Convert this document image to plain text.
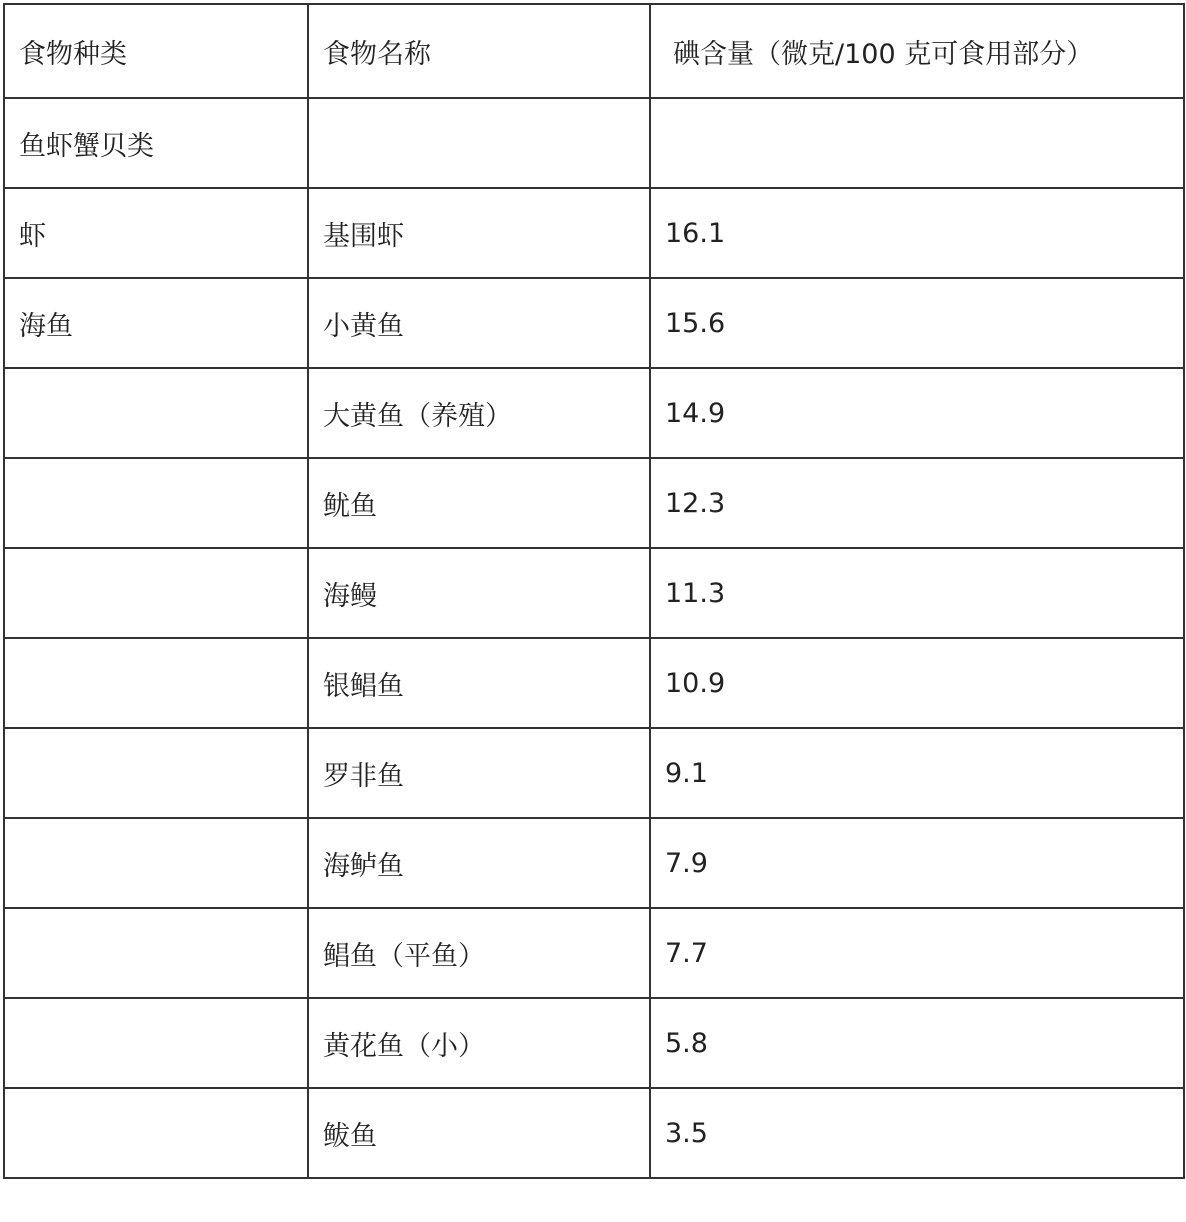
食物种类	食物名称	碘含量（微克/100 克可食用部分）
鱼虾蟹贝类		
虾	基围虾	16.1
海鱼	小黄鱼	15.6
	大黄鱼（养殖）	14.9
	鱿鱼	12.3
	海鳗	11.3
	银鲳鱼	10.9
	罗非鱼	9.1
	海鲈鱼	7.9
	鲳鱼（平鱼）	7.7
	黄花鱼（小）	5.8
	鲅鱼	3.5
